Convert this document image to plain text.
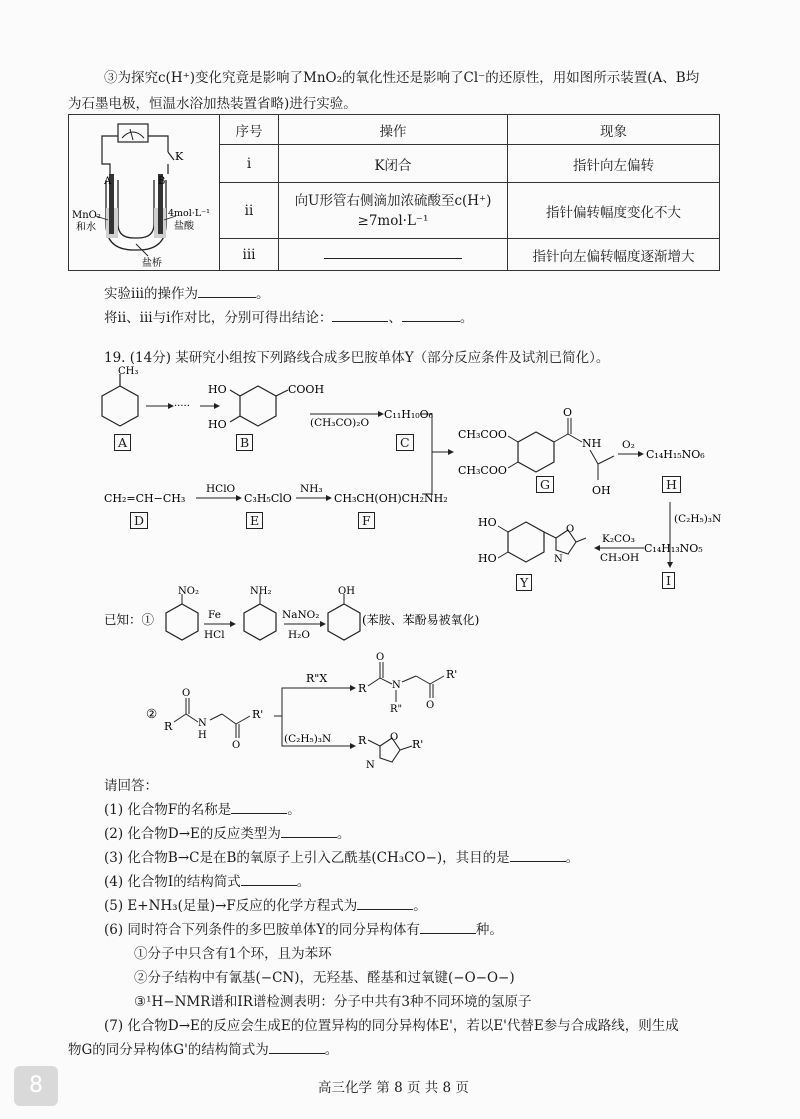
③为探究c(H⁺)变化究竟是影响了MnO₂的氧化性还是影响了Cl⁻的还原性，用如图所示装置(A、B均
为石墨电极，恒温水浴加热装置省略)进行实验。
	序号	操作	现象
	i	K闭合	指针向左偏转
	ii	向U形管右侧滴加浓硫酸至c(H⁺)
≥7mol·L⁻¹	指针偏转幅度变化不大
	iii		指针向左偏转幅度逐渐增大
K
A	B
MnO₂
和水
4mol·L⁻¹
盐酸
盐桥
实验iii的操作为	。
将ii、iii与i作对比，分别可得出结论：	、	。
19. (14分) 某研究小组按下列路线合成多巴胺单体Y（部分反应条件及试剂已简化）。
CH₃
·····
COOH
HO
HO	(CH₃CO)₂O
C₁₁H₁₀O₆
CH₂=CH−CH₃
HClO
C₃H₅ClO
NH₃
CH₃CH(OH)CH₂NH₂
CH₃COO
CH₃COO
O
NH
OH
O₂
C₁₄H₁₅NO₆
(C₂H₅)₃N
K₂CO₃
CH₃OH
C₁₄H₁₃NO₅
HO
HO
O
N
A	B	C
G	H
D	E	F
Y	I
已知：①
NO₂
Fe
HCl
NH₂
NaNO₂
H₂O
OH
(苯胺、苯酚易被氧化)
②
R
O
N
H
O
R'
R"X
(C₂H₅)₃N
R
O
N
R" O
R'
R O
N
R'
请回答：
(1) 化合物F的名称是	。
(2) 化合物D→E的反应类型为	。
(3) 化合物B→C是在B的氧原子上引入乙酰基(CH₃CO−)，其目的是	。
(4) 化合物I的结构简式	。
(5) E+NH₃(足量)→F反应的化学方程式为	。
(6) 同时符合下列条件的多巴胺单体Y的同分异构体有	种。
①分子中只含有1个环，且为苯环
②分子结构中有氰基(−CN)，无羟基、醛基和过氧键(−O−O−)
③¹H−NMR谱和IR谱检测表明：分子中共有3种不同环境的氢原子
(7) 化合物D→E的反应会生成E的位置异构的同分异构体E'，若以E'代替E参与合成路线，则生成
物G的同分异构体G'的结构简式为	。
8	高三化学 第 8 页 共 8 页
